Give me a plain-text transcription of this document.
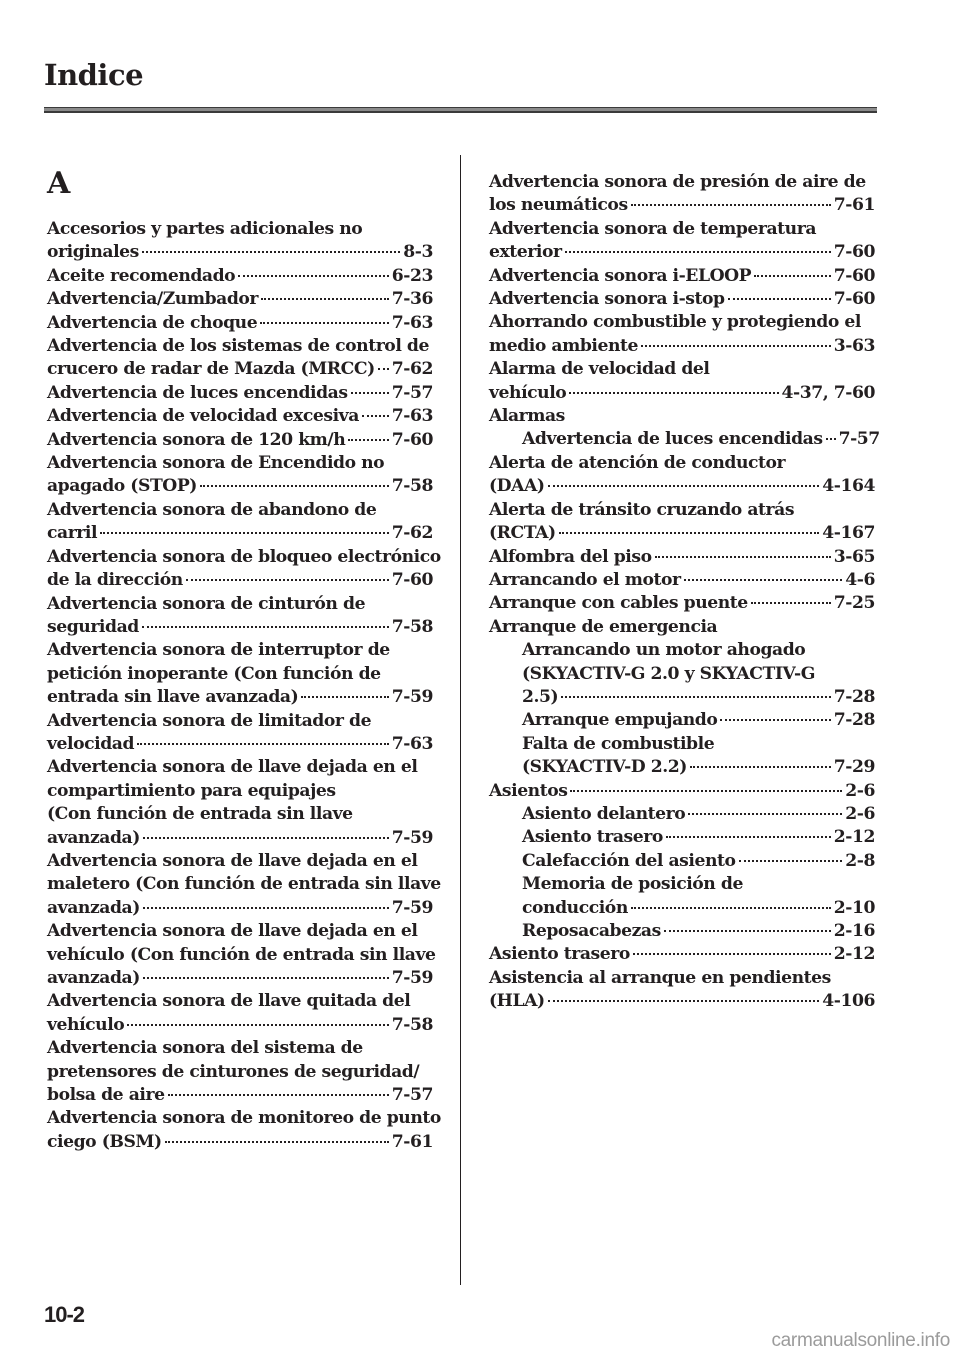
Indice
A
Accesorios y partes adicionales no
originales	8-3
Aceite recomendado	6-23
Advertencia/Zumbador	7-36
Advertencia de choque	7-63
Advertencia de los sistemas de control de
crucero de radar de Mazda (MRCC) 7-62
Advertencia de luces encendidas	7-57
Advertencia de velocidad excesiva 7-63
Advertencia sonora de 120 km/h	7-60
Advertencia sonora de Encendido no
apagado (STOP)	7-58
Advertencia sonora de abandono de
carril	7-62
Advertencia sonora de bloqueo electrónico
de la dirección	7-60
Advertencia sonora de cinturón de
seguridad	7-58
Advertencia sonora de interruptor de
petición inoperante (Con función de
entrada sin llave avanzada)	7-59
Advertencia sonora de limitador de
velocidad	7-63
Advertencia sonora de llave dejada en el
compartimiento para equipajes
(Con función de entrada sin llave
avanzada)	7-59
Advertencia sonora de llave dejada en el
maletero (Con función de entrada sin llave
avanzada)	7-59
Advertencia sonora de llave dejada en el
vehículo (Con función de entrada sin llave
avanzada)	7-59
Advertencia sonora de llave quitada del
vehículo	7-58
Advertencia sonora del sistema de
pretensores de cinturones de seguridad/
bolsa de aire	7-57
Advertencia sonora de monitoreo de punto
ciego (BSM)	7-61
Advertencia sonora de presión de aire de
los neumáticos	7-61
Advertencia sonora de temperatura
exterior	7-60
Advertencia sonora i-ELOOP	7-60
Advertencia sonora i-stop	7-60
Ahorrando combustible y protegiendo el
medio ambiente	3-63
Alarma de velocidad del
vehículo	4-37, 7-60
Alarmas
Advertencia de luces encendidas 7-57
Alerta de atención de conductor
(DAA)	4-164
Alerta de tránsito cruzando atrás
(RCTA)	4-167
Alfombra del piso	3-65
Arrancando el motor	4-6
Arranque con cables puente	7-25
Arranque de emergencia
Arrancando un motor ahogado
(SKYACTIV-G 2.0 y SKYACTIV-G
2.5)	7-28
Arranque empujando	7-28
Falta de combustible
(SKYACTIV-D 2.2)	7-29
Asientos	2-6
Asiento delantero	2-6
Asiento trasero	2-12
Calefacción del asiento	2-8
Memoria de posición de
conducción	2-10
Reposacabezas	2-16
Asiento trasero	2-12
Asistencia al arranque en pendientes
(HLA)	4-106
10-2
carmanualsonline.info
